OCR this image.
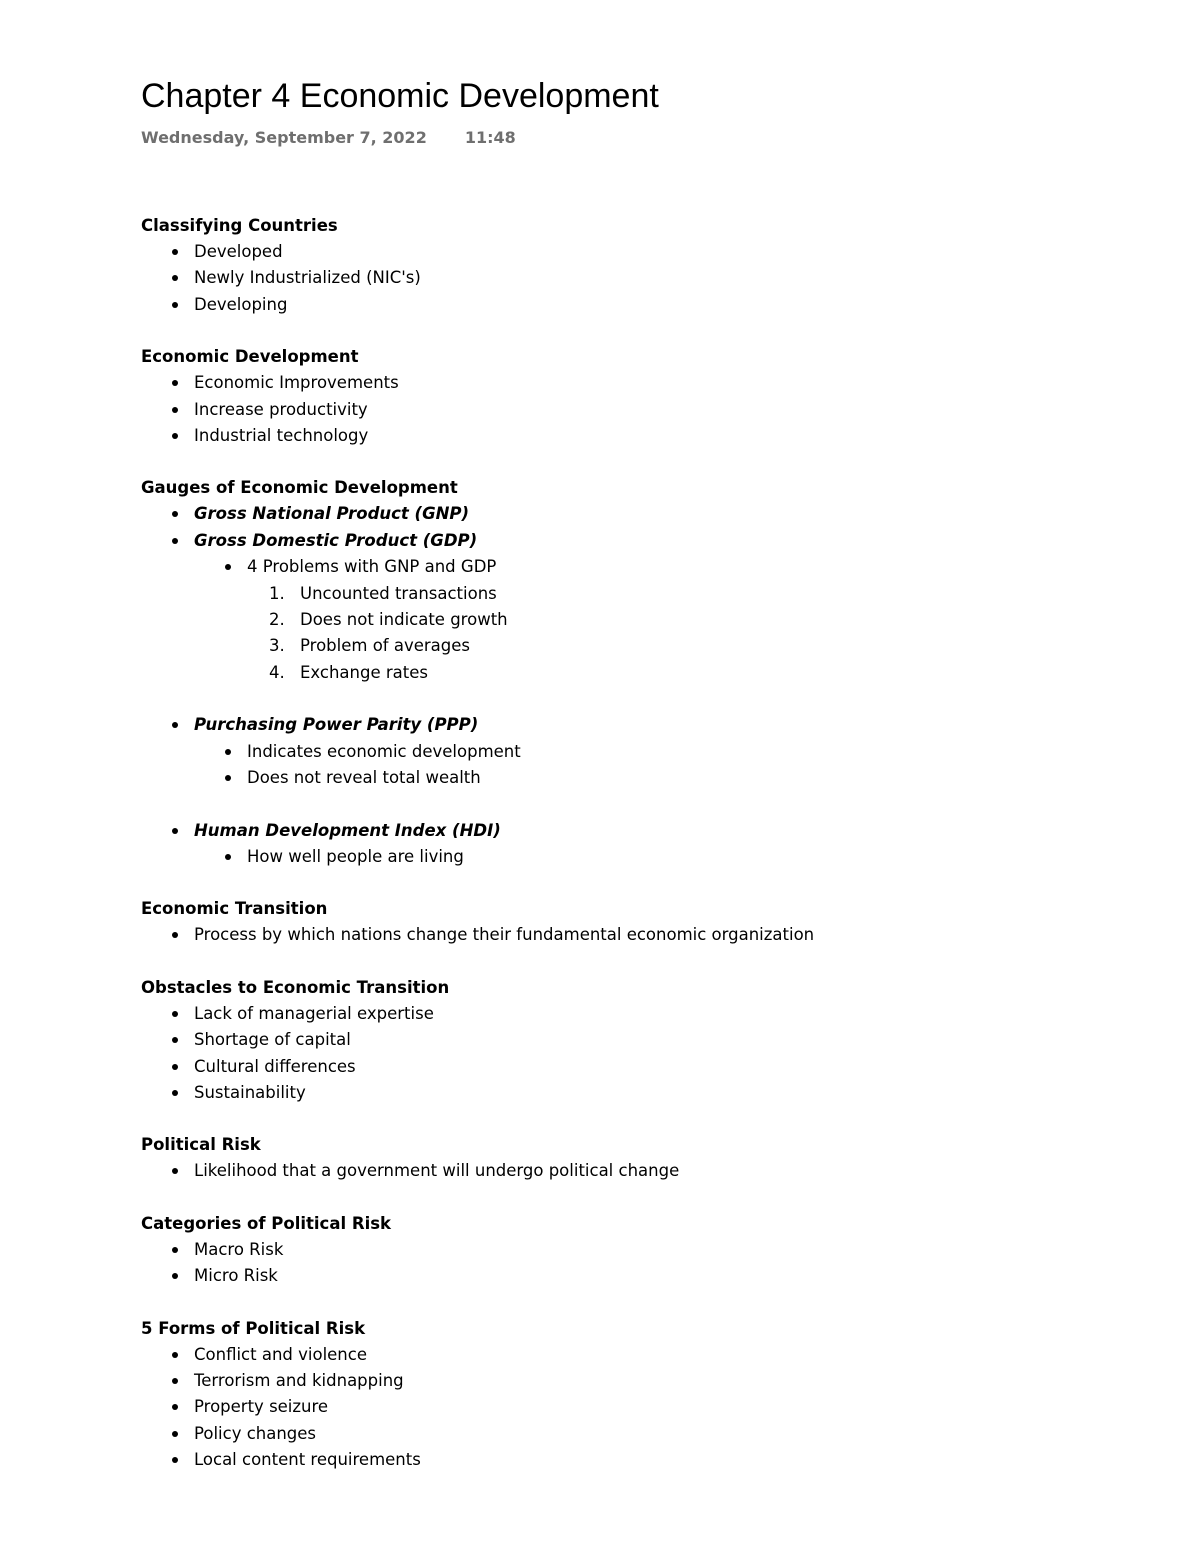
Chapter 4 Economic Development
Wednesday, September 7, 2022 11:48
Classifying Countries
Developed
Newly Industrialized (NIC's)
Developing
Economic Development
Economic Improvements
Increase productivity
Industrial technology
Gauges of Economic Development
Gross National Product (GNP)
Gross Domestic Product (GDP)
4 Problems with GNP and GDP
1. Uncounted transactions
2. Does not indicate growth
3. Problem of averages
4. Exchange rates
Purchasing Power Parity (PPP)
Indicates economic development
Does not reveal total wealth
Human Development Index (HDI)
How well people are living
Economic Transition
Process by which nations change their fundamental economic organization
Obstacles to Economic Transition
Lack of managerial expertise
Shortage of capital
Cultural differences
Sustainability
Political Risk
Likelihood that a government will undergo political change
Categories of Political Risk
Macro Risk
Micro Risk
5 Forms of Political Risk
Conflict and violence
Terrorism and kidnapping
Property seizure
Policy changes
Local content requirements
